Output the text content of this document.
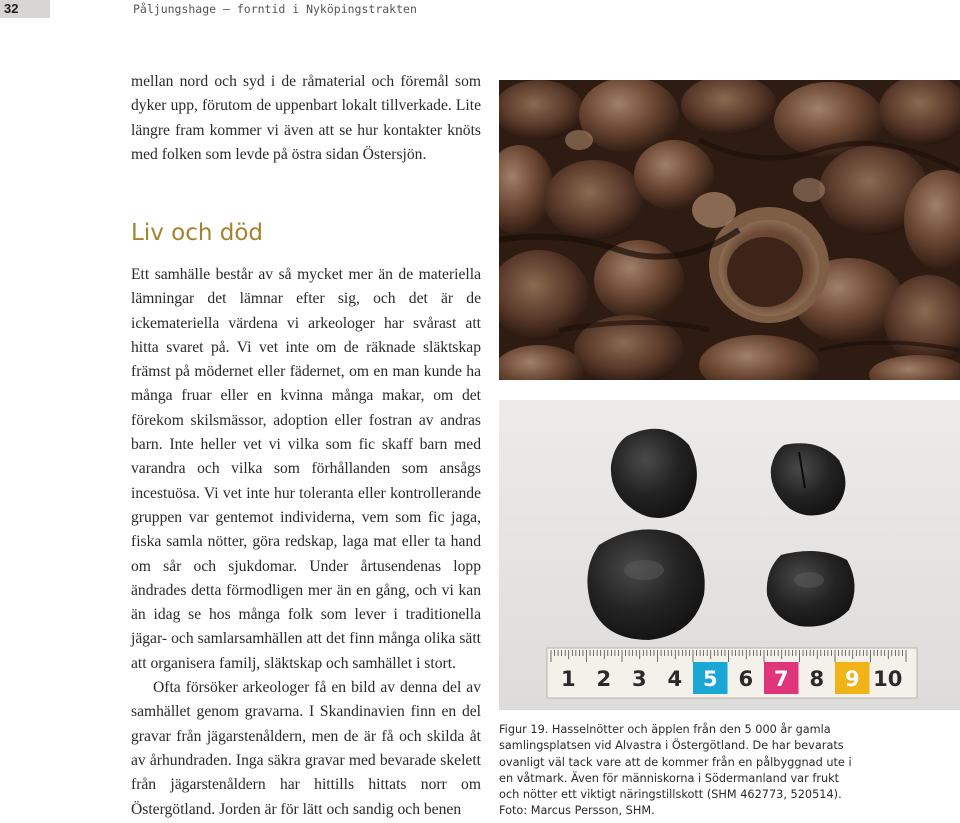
32	Påljungshage – forntid i Nyköpingstrakten

mellan nord och syd i de råmaterial och föremål som dyker upp, förutom de uppenbart lokalt tillverkade. Lite längre fram kommer vi även att se hur kontakter knöts med folken som levde på östra sidan Östersjön.

Liv och död

Ett samhälle består av så mycket mer än de materiella lämningar det lämnar efter sig, och det är de ickemateriella värdena vi arkeologer har svårast att hitta svaret på. Vi vet inte om de räknade släktskap främst på mödernet eller fädernet, om en man kunde ha många fruar eller en kvinna många makar, om det förekom skilsmässor, adoption eller fostran av andras barn. Inte heller vet vi vilka som fic skaff barn med varandra och vilka som förhållanden som ansågs incestuösa. Vi vet inte hur toleranta eller kontrollerande gruppen var gentemot individerna, vem som fic jaga, fiska samla nötter, göra redskap, laga mat eller ta hand om sår och sjukdomar. Under årtusendenas lopp ändrades detta förmodligen mer än en gång, och vi kan än idag se hos många folk som lever i traditionella jägar- och samlarsamhällen att det finn många olika sätt att organisera familj, släktskap och samhället i stort.

Ofta försöker arkeologer få en bild av denna del av samhället genom gravarna. I Skandinavien finn en del gravar från jägarstenåldern, men de är få och skilda åt av århundraden. Inga säkra gravar med bevarade skelett från jägarstenåldern har hittills hittats norr om Östergötland. Jorden är för lätt och sandig och benen

1 2 3 4 5 6 7 8 9 10
Figur 19. Hasselnötter och äpplen från den 5 000 år gamla samlingsplatsen vid Alvastra i Östergötland. De har bevarats ovanligt väl tack vare att de kommer från en pålbyggnad ute i en våtmark. Även för människorna i Södermanland var frukt och nötter ett viktigt näringstillskott (SHM 462773, 520514). Foto: Marcus Persson, SHM.
